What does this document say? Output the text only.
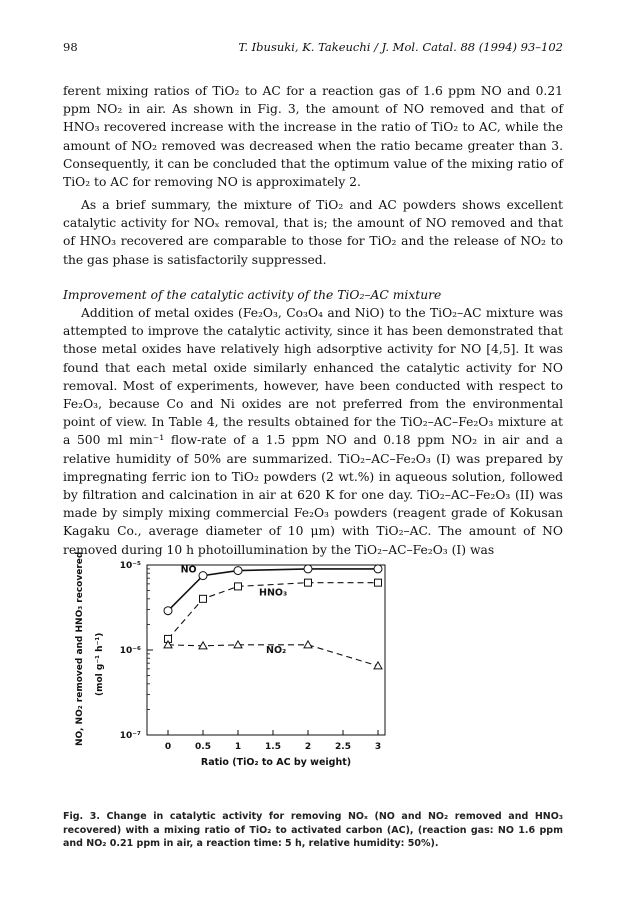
98	T. Ibusuki, K. Takeuchi / J. Mol. Catal. 88 (1994) 93–102
ferent mixing ratios of TiO₂ to AC for a reaction gas of 1.6 ppm NO and 0.21 ppm NO₂ in air. As shown in Fig. 3, the amount of NO removed and that of HNO₃ recovered increase with the increase in the ratio of TiO₂ to AC, while the amount of NO₂ removed was decreased when the ratio became greater than 3. Consequently, it can be concluded that the optimum value of the mixing ratio of TiO₂ to AC for removing NO is approximately 2.
As a brief summary, the mixture of TiO₂ and AC powders shows excellent catalytic activity for NOₓ removal, that is; the amount of NO removed and that of HNO₃ recovered are comparable to those for TiO₂ and the release of NO₂ to the gas phase is satisfactorily suppressed.
Improvement of the catalytic activity of the TiO₂–AC mixture
Addition of metal oxides (Fe₂O₃, Co₃O₄ and NiO) to the TiO₂–AC mixture was attempted to improve the catalytic activity, since it has been demonstrated that those metal oxides have relatively high adsorptive activity for NO [4,5]. It was found that each metal oxide similarly enhanced the catalytic activity for NO removal. Most of experiments, however, have been conducted with respect to Fe₂O₃, because Co and Ni oxides are not preferred from the environmental point of view. In Table 4, the results obtained for the TiO₂–AC–Fe₂O₃ mixture at a 500 ml min⁻¹ flow-rate of a 1.5 ppm NO and 0.18 ppm NO₂ in air and a relative humidity of 50% are summarized. TiO₂–AC–Fe₂O₃ (I) was prepared by impregnating ferric ion to TiO₂ powders (2 wt.%) in aqueous solution, followed by filtration and calcination in air at 620 K for one day. TiO₂–AC–Fe₂O₃ (II) was made by simply mixing commercial Fe₂O₃ powders (reagent grade of Kokusan Kagaku Co., average diameter of 10 μm) with TiO₂–AC. The amount of NO removed during 10 h photoillumination by the TiO₂–AC–Fe₂O₃ (I) was
NO, NO₂ removed and HNO₃ recovered (mol g⁻¹ h⁻¹)
0	0.5	1	1.5	2	2.5	3
10⁻⁷
10⁻⁶
10⁻⁵
Ratio (TiO₂ to AC by weight)
NO
HNO₃
NO₂
Fig. 3. Change in catalytic activity for removing NOₓ (NO and NO₂ removed and HNO₃ recovered) with a mixing ratio of TiO₂ to activated carbon (AC), (reaction gas: NO 1.6 ppm and NO₂ 0.21 ppm in air, a reaction time: 5 h, relative humidity: 50%).
